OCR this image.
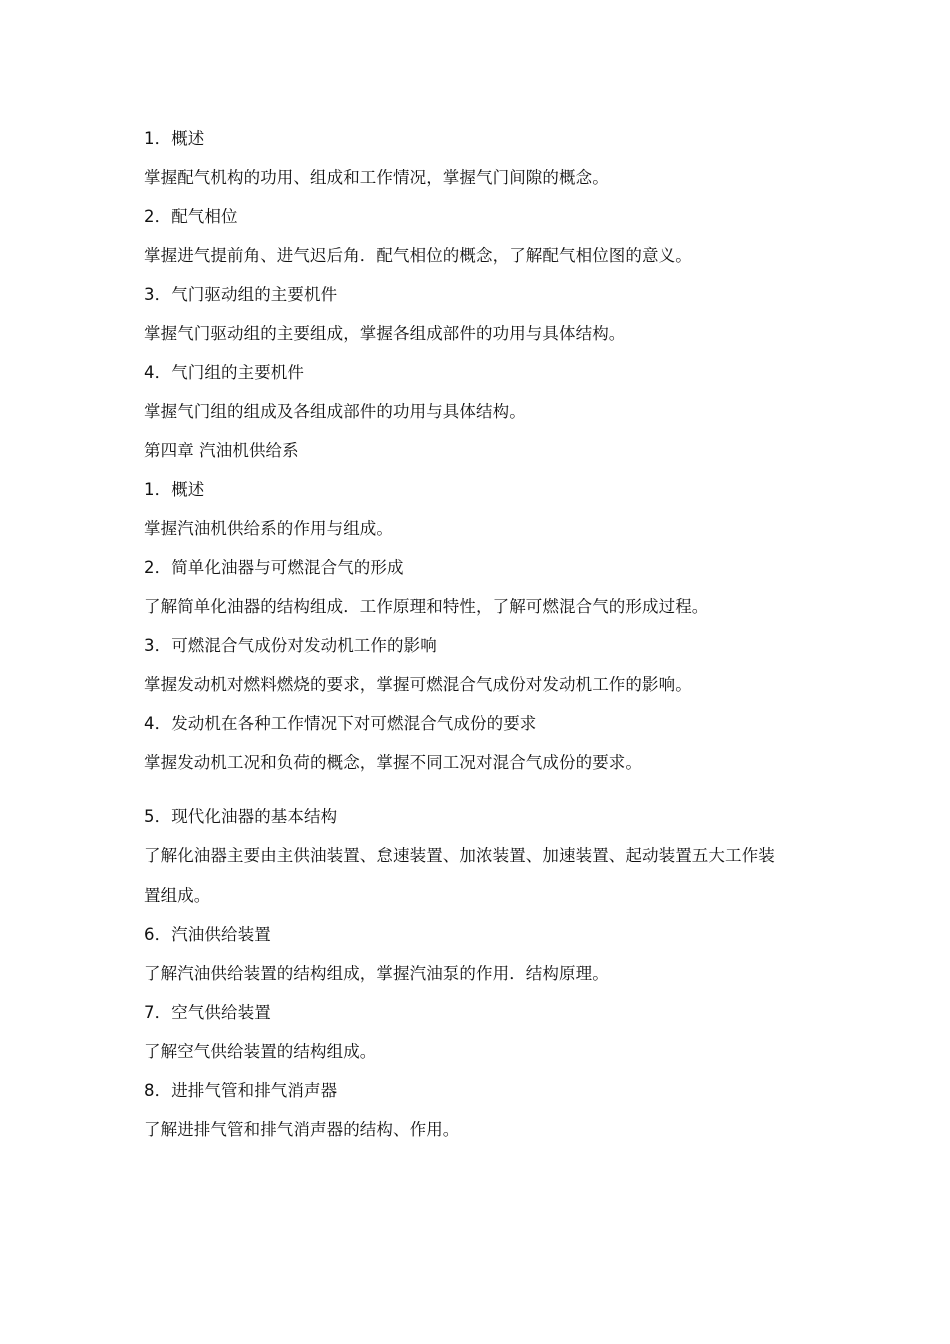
1．概述

掌握配气机构的功用、组成和工作情况，掌握气门间隙的概念。

2．配气相位

掌握进气提前角、进气迟后角．配气相位的概念，了解配气相位图的意义。

3．气门驱动组的主要机件

掌握气门驱动组的主要组成，掌握各组成部件的功用与具体结构。

4．气门组的主要机件

掌握气门组的组成及各组成部件的功用与具体结构。

第四章 汽油机供给系

1．概述

掌握汽油机供给系的作用与组成。

2．简单化油器与可燃混合气的形成

了解简单化油器的结构组成．工作原理和特性，了解可燃混合气的形成过程。

3．可燃混合气成份对发动机工作的影响

掌握发动机对燃料燃烧的要求，掌握可燃混合气成份对发动机工作的影响。

4．发动机在各种工作情况下对可燃混合气成份的要求

掌握发动机工况和负荷的概念，掌握不同工况对混合气成份的要求。

5．现代化油器的基本结构

了解化油器主要由主供油装置、怠速装置、加浓装置、加速装置、起动装置五大工作装

置组成。

6．汽油供给装置

了解汽油供给装置的结构组成，掌握汽油泵的作用．结构原理。

7．空气供给装置

了解空气供给装置的结构组成。

8．进排气管和排气消声器

了解进排气管和排气消声器的结构、作用。
